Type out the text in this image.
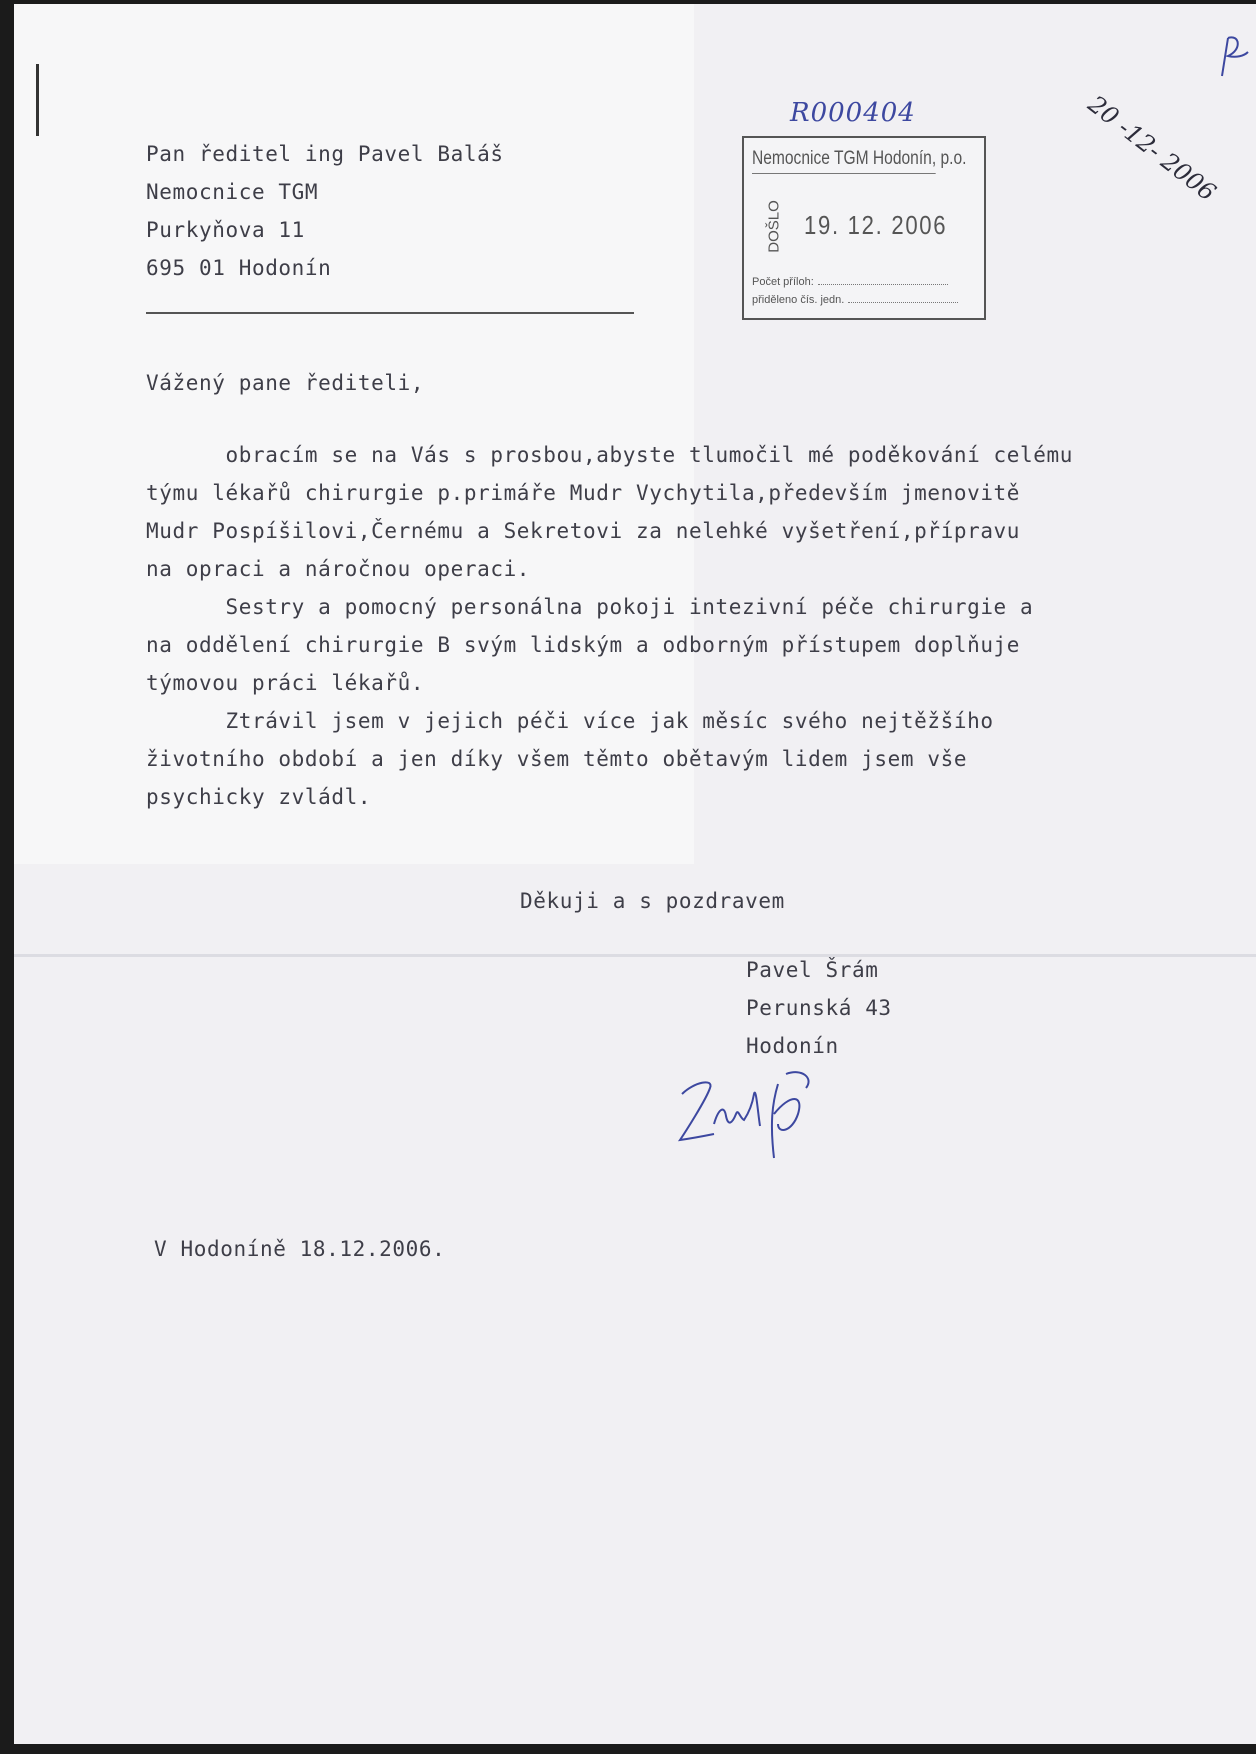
R000404	20 -12- 2006

Nemocnice TGM Hodonín, p.o.
DOŠLO 19. 12. 2006
Počet příloh:
přiděleno čís. jedn.

Pan ředitel ing Pavel Baláš

Nemocnice TGM

Purkyňova 11

695 01 Hodonín

Vážený pane řediteli,

obracím se na Vás s prosbou,abyste tlumočil mé poděkování celému
týmu lékařů chirurgie p.primáře Mudr Vychytila,především jmenovitě
Mudr Pospíšilovi,Černému a Sekretovi za nelehké vyšetření,přípravu
na opraci a náročnou operaci.

Sestry a pomocný personálna pokoji intezivní péče chirurgie a
na oddělení chirurgie B svým lidským a odborným přístupem doplňuje
týmovou práci lékařů.

Ztrávil jsem v jejich péči více jak měsíc svého nejtěžšího
životního období a jen díky všem těmto obětavým lidem jsem vše
psychicky zvládl.

Děkuji a s pozdravem

Pavel Šrám

Perunská 43

Hodonín

V Hodoníně 18.12.2006.
